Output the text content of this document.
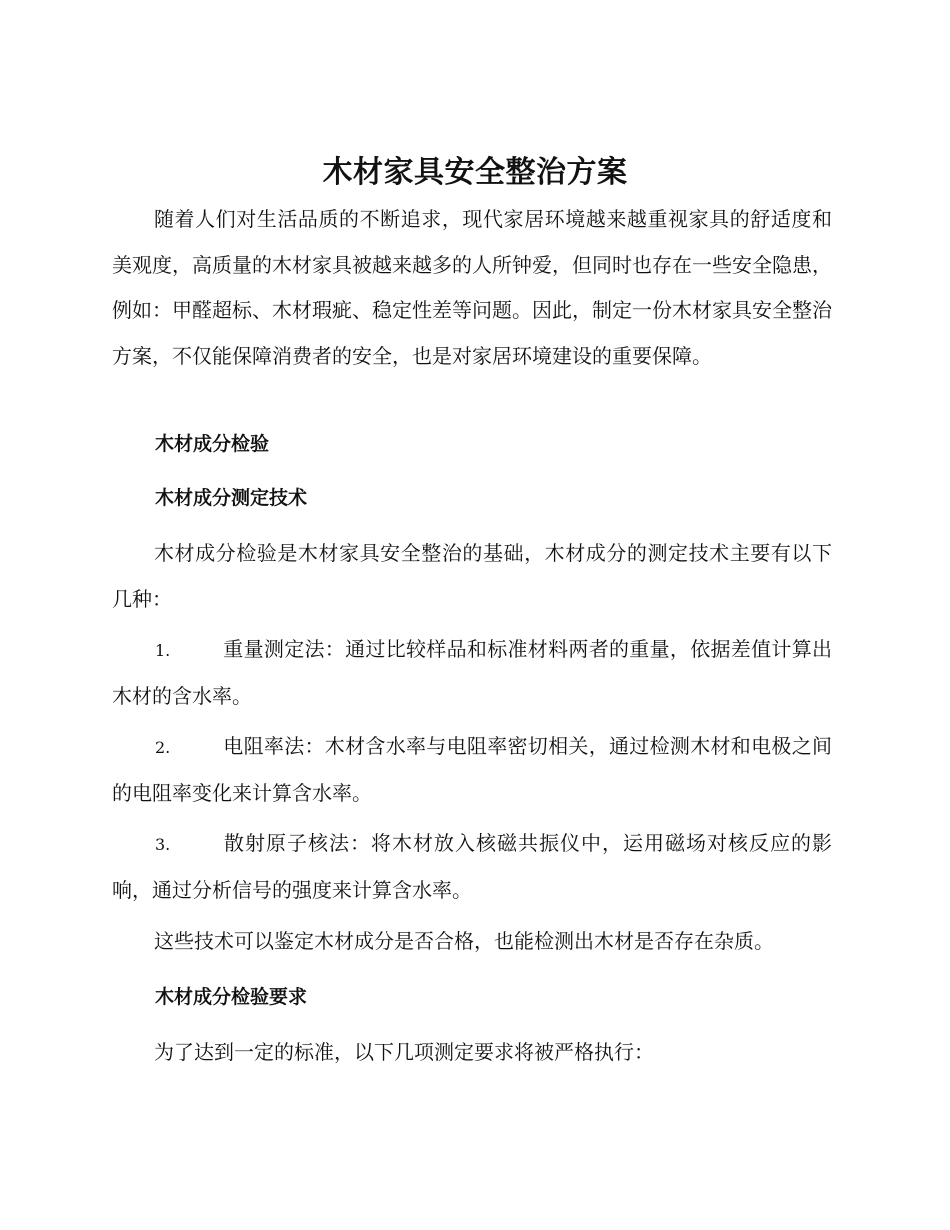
木材家具安全整治方案

随着人们对生活品质的不断追求，现代家居环境越来越重视家具的舒适度和美观度，高质量的木材家具被越来越多的人所钟爱，但同时也存在一些安全隐患，例如：甲醛超标、木材瑕疵、稳定性差等问题。因此，制定一份木材家具安全整治方案，不仅能保障消费者的安全，也是对家居环境建设的重要保障。

木材成分检验

木材成分测定技术

木材成分检验是木材家具安全整治的基础，木材成分的测定技术主要有以下几种：

1.	重量测定法：通过比较样品和标准材料两者的重量，依据差值计算出木材的含水率。

2.	电阻率法：木材含水率与电阻率密切相关，通过检测木材和电极之间的电阻率变化来计算含水率。

3.	散射原子核法：将木材放入核磁共振仪中，运用磁场对核反应的影响，通过分析信号的强度来计算含水率。

这些技术可以鉴定木材成分是否合格，也能检测出木材是否存在杂质。

木材成分检验要求

为了达到一定的标准，以下几项测定要求将被严格执行：
